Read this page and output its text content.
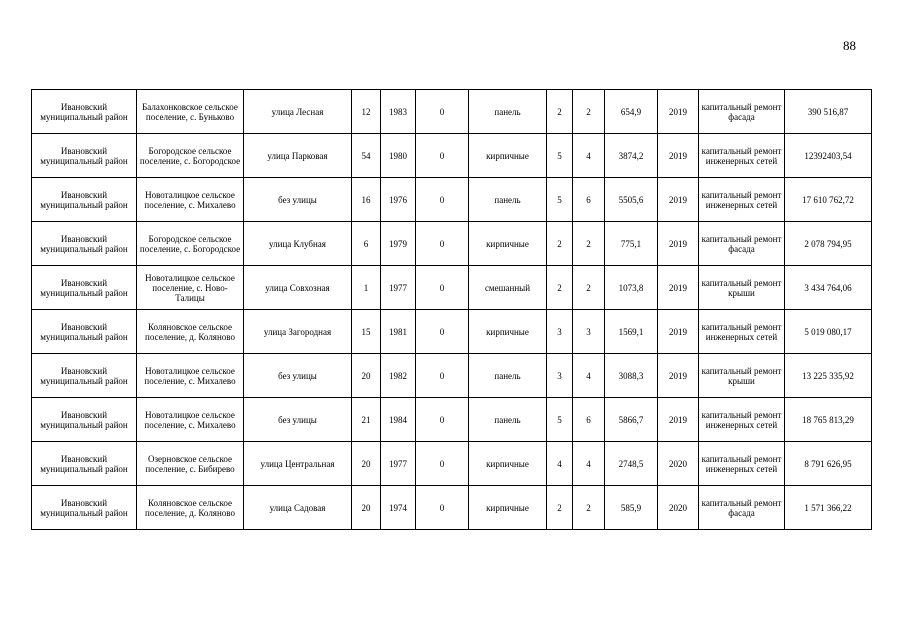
88
Ивановский муниципальный район	Балахонковское сельское поселение, с. Буньково	улица Лесная	12	1983	0	панель	2	2	654,9	2019	капитальный ремонт фасада	390 516,87
Ивановский муниципальный район	Богородское сельское поселение, с. Богородское	улица Парковая	54	1980	0	кирпичные	5	4	3874,2	2019	капитальный ремонт инженерных сетей	12392403,54
Ивановский муниципальный район	Новоталицкое сельское поселение, с. Михалево	без улицы	16	1976	0	панель	5	6	5505,6	2019	капитальный ремонт инженерных сетей	17 610 762,72
Ивановский муниципальный район	Богородское сельское поселение, с. Богородское	улица Клубная	6	1979	0	кирпичные	2	2	775,1	2019	капитальный ремонт фасада	2 078 794,95
Ивановский муниципальный район	Новоталицкое сельское поселение, с. Ново-Талицы	улица Совхозная	1	1977	0	смешанный	2	2	1073,8	2019	капитальный ремонт крыши	3 434 764,06
Ивановский муниципальный район	Коляновское сельское поселение, д. Коляново	улица Загородная	15	1981	0	кирпичные	3	3	1569,1	2019	капитальный ремонт инженерных сетей	5 019 080,17
Ивановский муниципальный район	Новоталицкое сельское поселение, с. Михалево	без улицы	20	1982	0	панель	3	4	3088,3	2019	капитальный ремонт крыши	13 225 335,92
Ивановский муниципальный район	Новоталицкое сельское поселение, с. Михалево	без улицы	21	1984	0	панель	5	6	5866,7	2019	капитальный ремонт инженерных сетей	18 765 813,29
Ивановский муниципальный район	Озерновское сельское поселение, с. Бибирево	улица Центральная	20	1977	0	кирпичные	4	4	2748,5	2020	капитальный ремонт инженерных сетей	8 791 626,95
Ивановский муниципальный район	Коляновское сельское поселение, д. Коляново	улица Садовая	20	1974	0	кирпичные	2	2	585,9	2020	капитальный ремонт фасада	1 571 366,22
